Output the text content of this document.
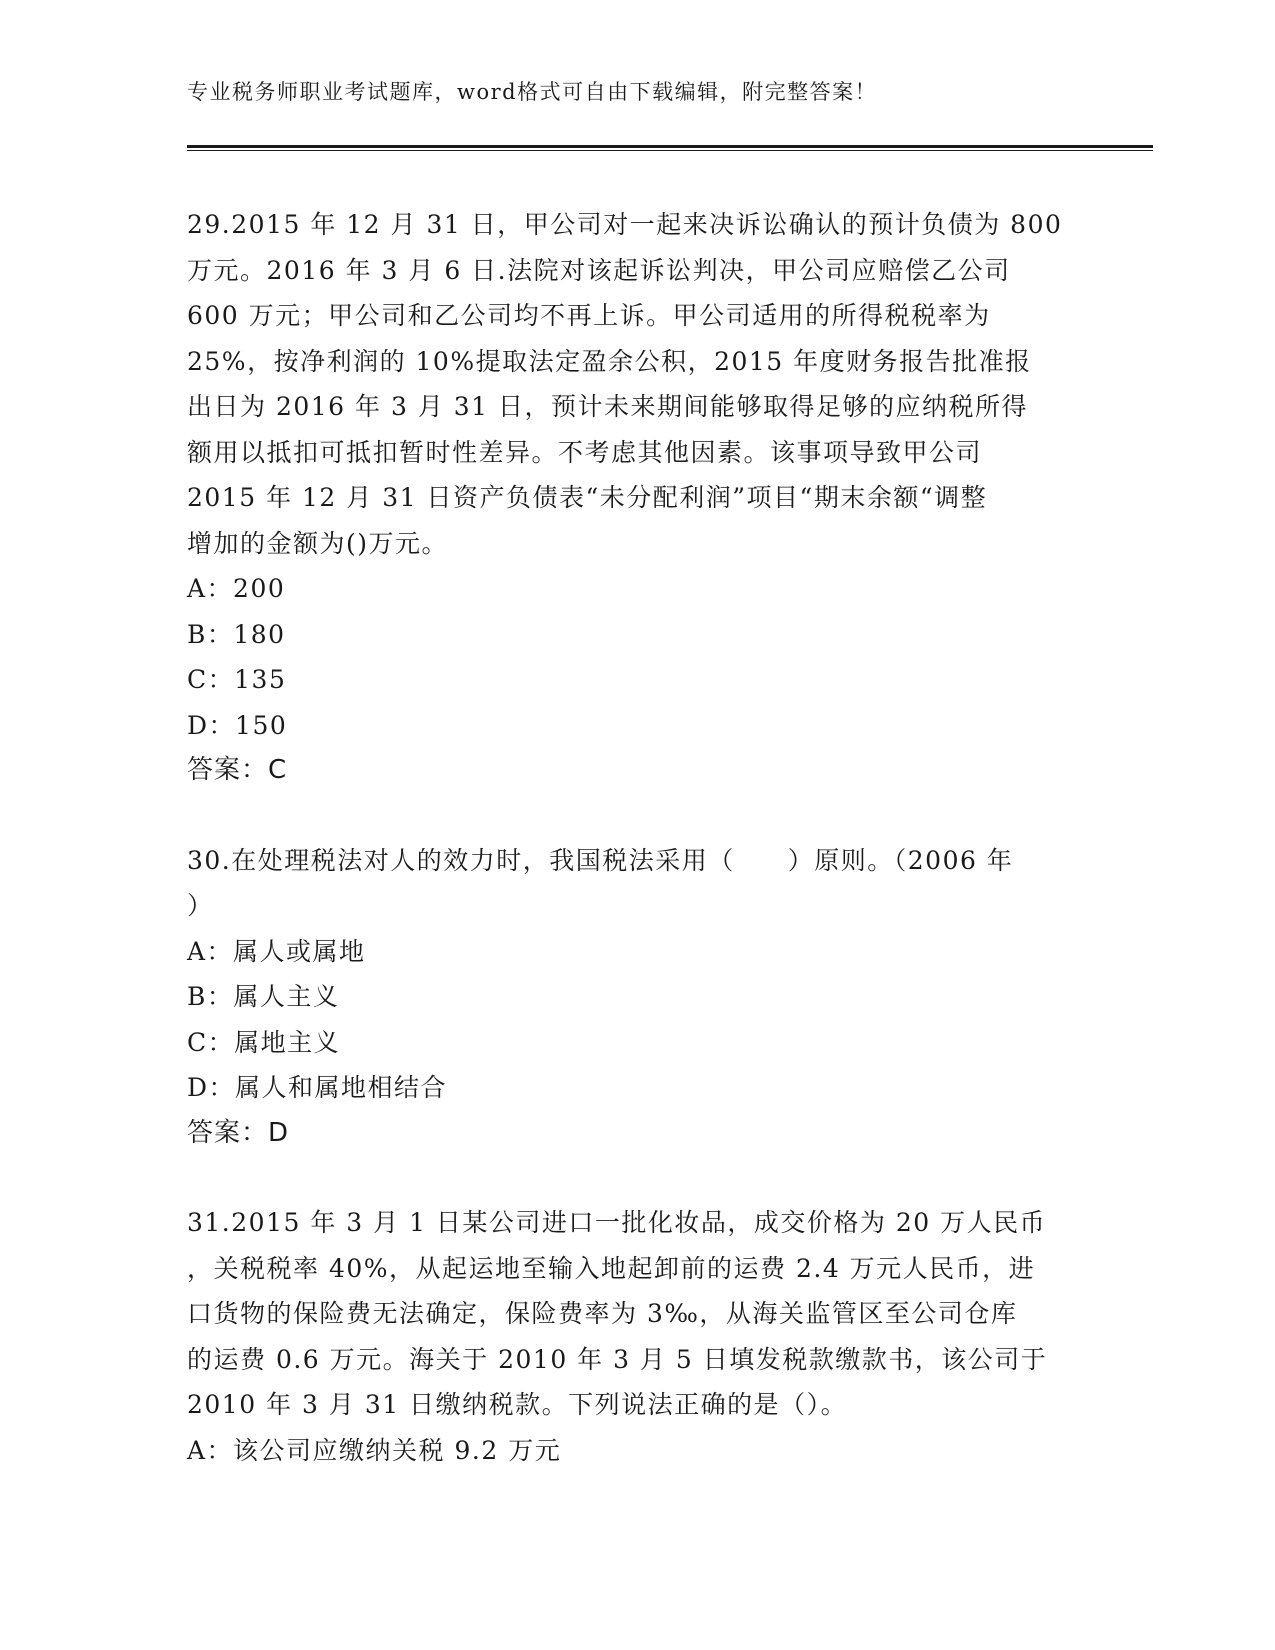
专业税务师职业考试题库，word格式可自由下载编辑，附完整答案！
29.2015 年 12 月 31 日，甲公司对一起来决诉讼确认的预计负债为 800
万元。2016 年 3 月 6 日.法院对该起诉讼判决，甲公司应赔偿乙公司
600 万元；甲公司和乙公司均不再上诉。甲公司适用的所得税税率为
25%，按净利润的 10%提取法定盈余公积，2015 年度财务报告批准报
出日为 2016 年 3 月 31 日，预计未来期间能够取得足够的应纳税所得
额用以抵扣可抵扣暂时性差异。不考虑其他因素。该事项导致甲公司
2015 年 12 月 31 日资产负债表“未分配利润”项目“期末余额“调整
增加的金额为()万元。
A：200
B：180
C：135
D：150
答案：C
30.在处理税法对人的效力时，我国税法采用（　　）原则。（2006 年
）
A：属人或属地
B：属人主义
C：属地主义
D：属人和属地相结合
答案：D
31.2015 年 3 月 1 日某公司进口一批化妆品，成交价格为 20 万人民币
，关税税率 40%，从起运地至输入地起卸前的运费 2.4 万元人民币，进
口货物的保险费无法确定，保险费率为 3‰，从海关监管区至公司仓库
的运费 0.6 万元。海关于 2010 年 3 月 5 日填发税款缴款书，该公司于
2010 年 3 月 31 日缴纳税款。下列说法正确的是（）。
A：该公司应缴纳关税 9.2 万元
